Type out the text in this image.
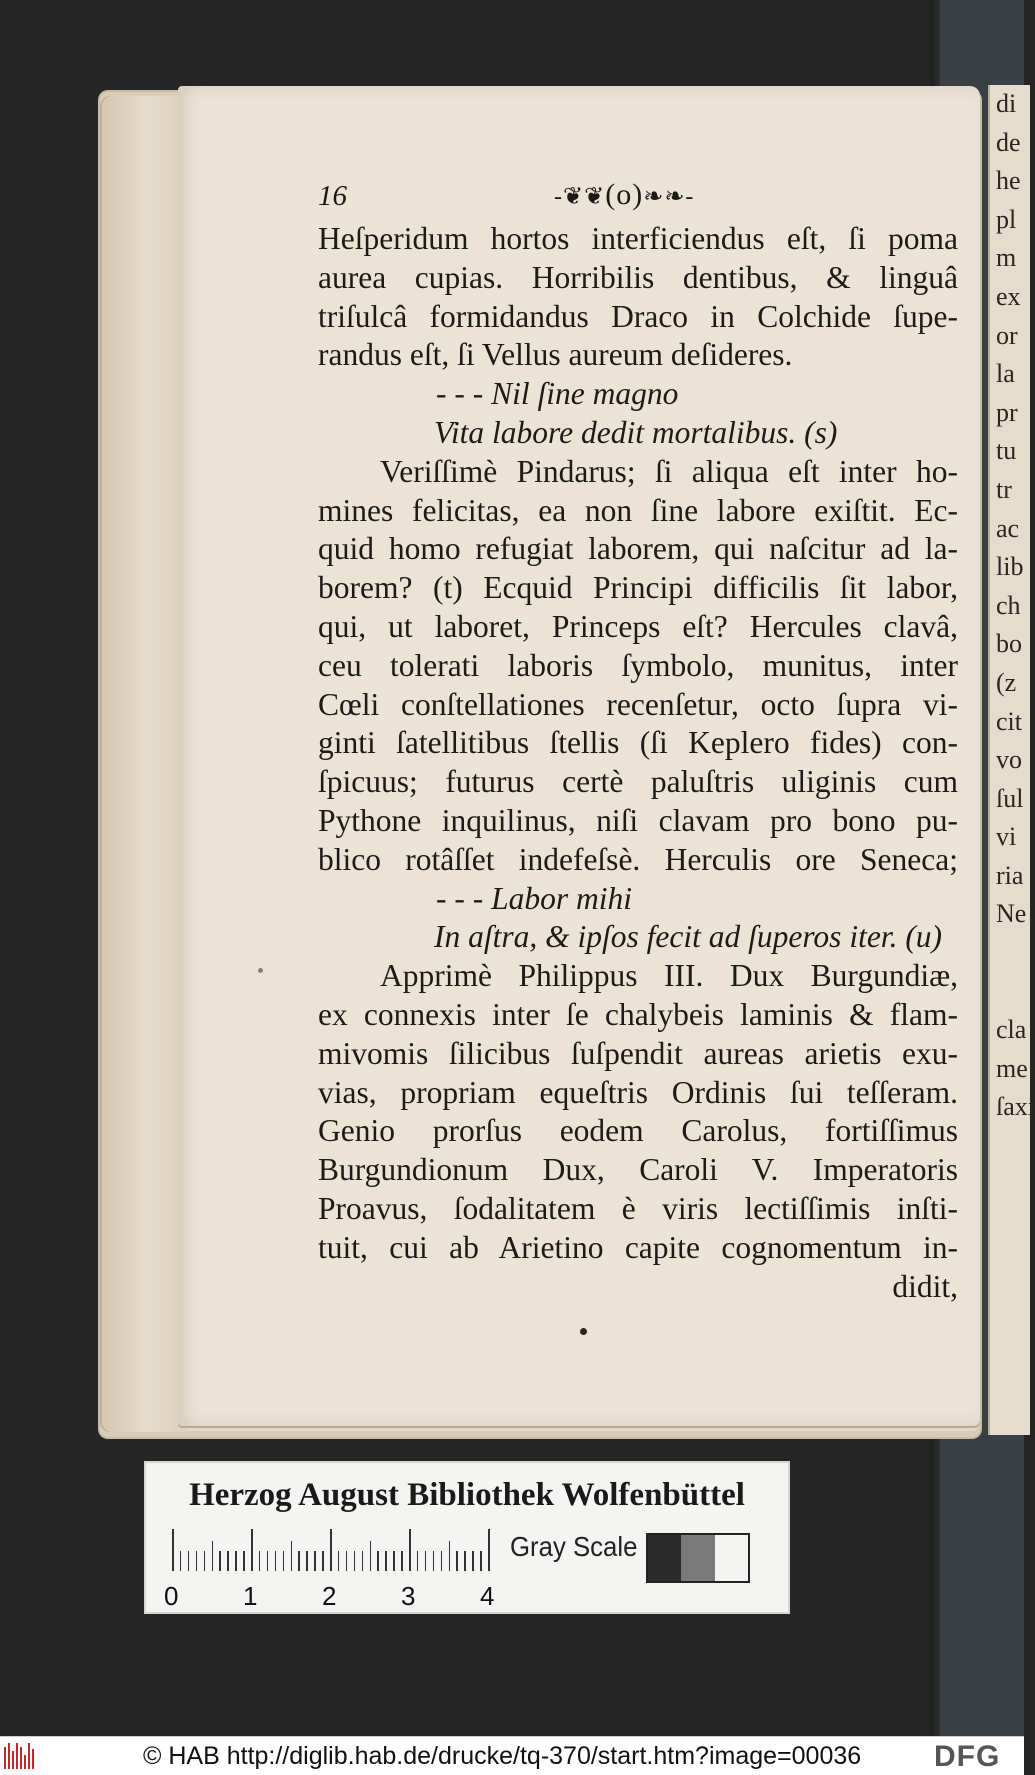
di
de
he
pl
m
ex
or
la
pr
tu
tr
ac
lib
ch
bo
(z
cit
vo
ſul
vi
ria
Ne
cla
me
ſaxi
16	-❦❦(o)❧❧-
Heſperidum hortos interficiendus eſt, ſi poma
aurea cupias. Horribilis dentibus, & linguâ
triſulcâ formidandus Draco in Colchide ſupe-
randus eſt, ſi Vellus aureum deſideres.
- - - Nil ſine magno
Vita labore dedit mortalibus. (s)
Veriſſimè Pindarus; ſi aliqua eſt inter ho-
mines felicitas, ea non ſine labore exiſtit. Ec-
quid homo refugiat laborem, qui naſcitur ad la-
borem? (t) Ecquid Principi difficilis ſit labor,
qui, ut laboret, Princeps eſt? Hercules clavâ,
ceu tolerati laboris ſymbolo, munitus, inter
Cœli conſtellationes recenſetur, octo ſupra vi-
ginti ſatellitibus ſtellis (ſi Keplero fides) con-
ſpicuus; futurus certè paluſtris uliginis cum
Pythone inquilinus, niſi clavam pro bono pu-
blico rotâſſet indefeſsè. Herculis ore Seneca;
- - - Labor mihi
In aſtra, & ipſos fecit ad ſuperos iter. (u)
Apprimè Philippus III. Dux Burgundiæ,
ex connexis inter ſe chalybeis laminis & flam-
mivomis ſilicibus ſuſpendit aureas arietis exu-
vias, propriam equeſtris Ordinis ſui teſſeram.
Genio prorſus eodem Carolus, fortiſſimus
Burgundionum Dux, Caroli V. Imperatoris
Proavus, ſodalitatem è viris lectiſſimis inſti-
tuit, cui ab Arietino capite cognomentum in-
didit,
Herzog August Bibliothek Wolfenbüttel
0 1 2 3 4
Gray Scale
© HAB http://diglib.hab.de/drucke/tq-370/start.htm?image=00036 DFG
